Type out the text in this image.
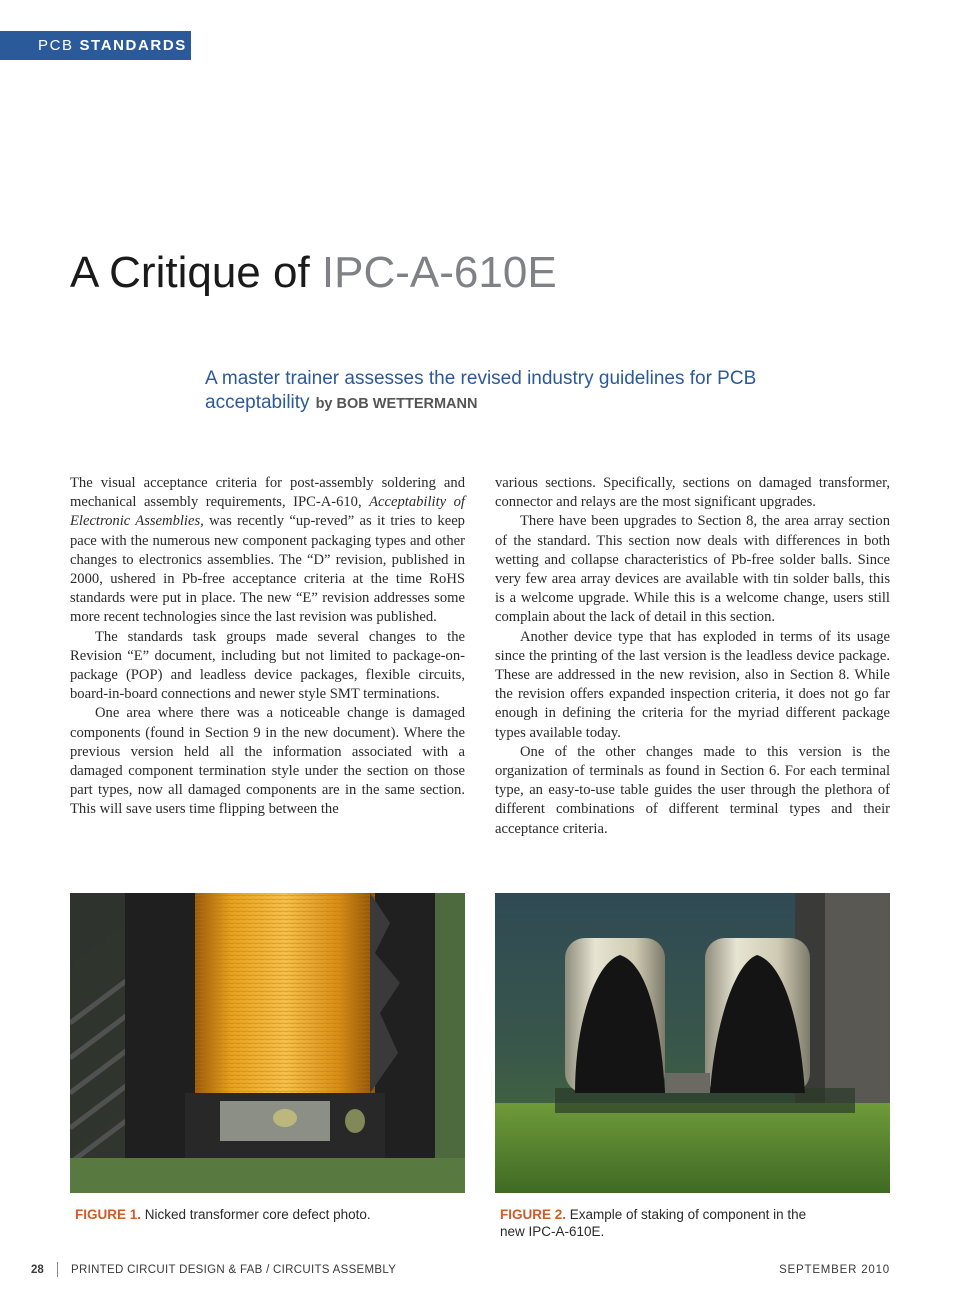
PCB STANDARDS
A Critique of IPC-A-610E

A master trainer assesses the revised industry guidelines for PCB acceptability by BOB WETTERMANN

The visual acceptance criteria for post-assembly soldering and mechanical assembly requirements, IPC-A-610, Acceptability of Electronic Assemblies, was recently “up-reved” as it tries to keep pace with the numerous new component packaging types and other changes to electronics assemblies. The “D” revision, published in 2000, ushered in Pb-free acceptance criteria at the time RoHS standards were put in place. The new “E” revision addresses some more recent technologies since the last revision was published.

The standards task groups made several changes to the Revision “E” document, including but not limited to package-on-package (POP) and leadless device packages, flexible circuits, board-in-board connections and newer style SMT terminations.

One area where there was a noticeable change is damaged components (found in Section 9 in the new document). Where the previous version held all the information associated with a damaged component termination style under the section on those part types, now all damaged components are in the same section. This will save users time flipping between the

various sections. Specifically, sections on damaged transformer, connector and relays are the most significant upgrades.

There have been upgrades to Section 8, the area array section of the standard. This section now deals with differences in both wetting and collapse characteristics of Pb-free solder balls. Since very few area array devices are available with tin solder balls, this is a welcome upgrade. While this is a welcome change, users still complain about the lack of detail in this section.

Another device type that has exploded in terms of its usage since the printing of the last version is the leadless device package. These are addressed in the new revision, also in Section 8. While the revision offers expanded inspection criteria, it does not go far enough in defining the criteria for the myriad different package types available today.

One of the other changes made to this version is the organization of terminals as found in Section 6. For each terminal type, an easy-to-use table guides the user through the plethora of different combinations of different terminal types and their acceptance criteria.

FIGURE 1. Nicked transformer core defect photo.	FIGURE 2. Example of staking of component in the new IPC-A-610E.
28 PRINTED CIRCUIT DESIGN & FAB / CIRCUITS ASSEMBLY	SEPTEMBER 2010
